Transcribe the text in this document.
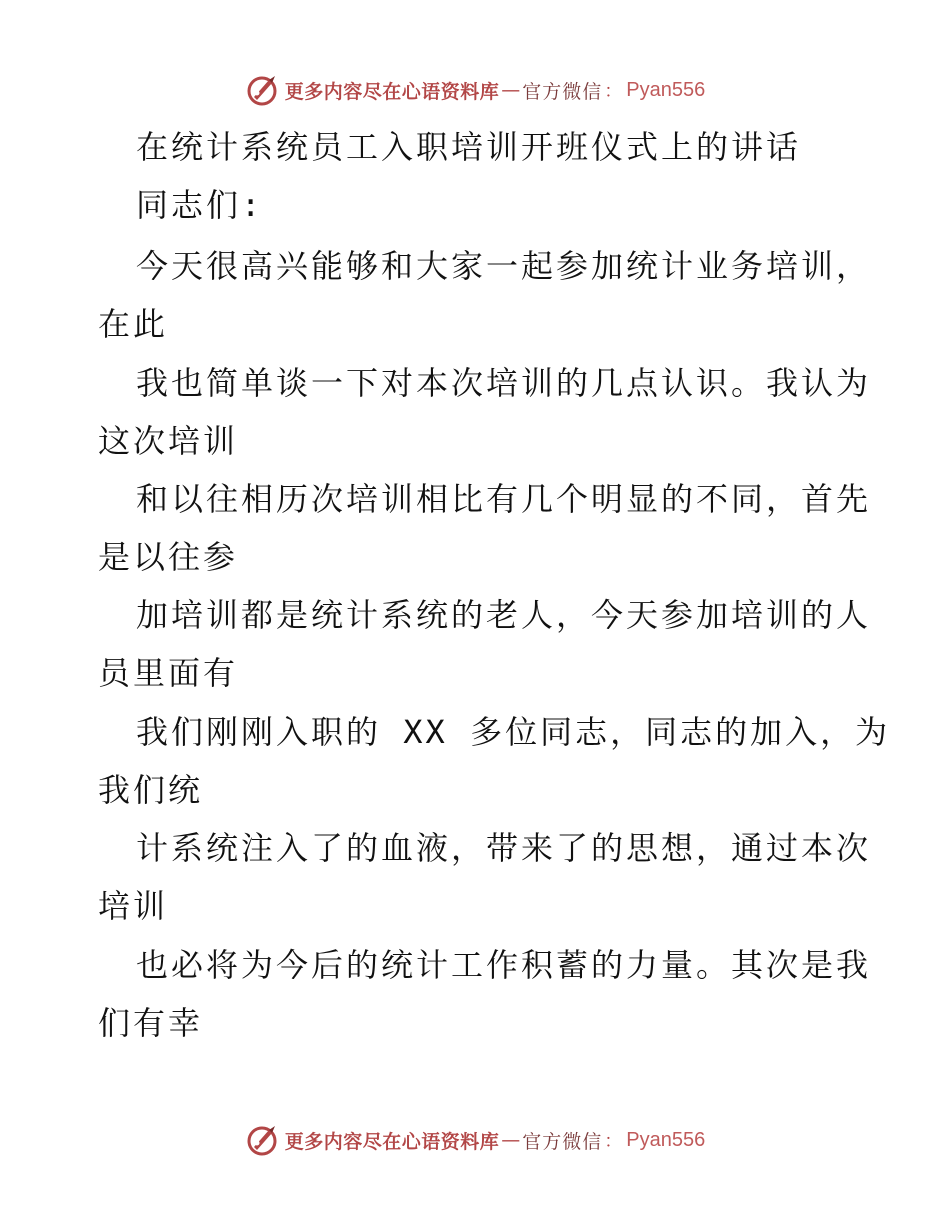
更多内容尽在心语资料库 — 官方微信 ： Pyan556
在统计系统员工入职培训开班仪式上的讲话
同志们:
今天很高兴能够和大家一起参加统计业务培训，
在此
我也简单谈一下对本次培训的几点认识。我认为
这次培训
和以往相历次培训相比有几个明显的不同，首先
是以往参
加培训都是统计系统的老人，今天参加培训的人
员里面有
我们刚刚入职的 XX 多位同志，同志的加入，为
我们统
计系统注入了的血液，带来了的思想，通过本次
培训
也必将为今后的统计工作积蓄的力量。其次是我
们有幸
更多内容尽在心语资料库 — 官方微信 ： Pyan556
